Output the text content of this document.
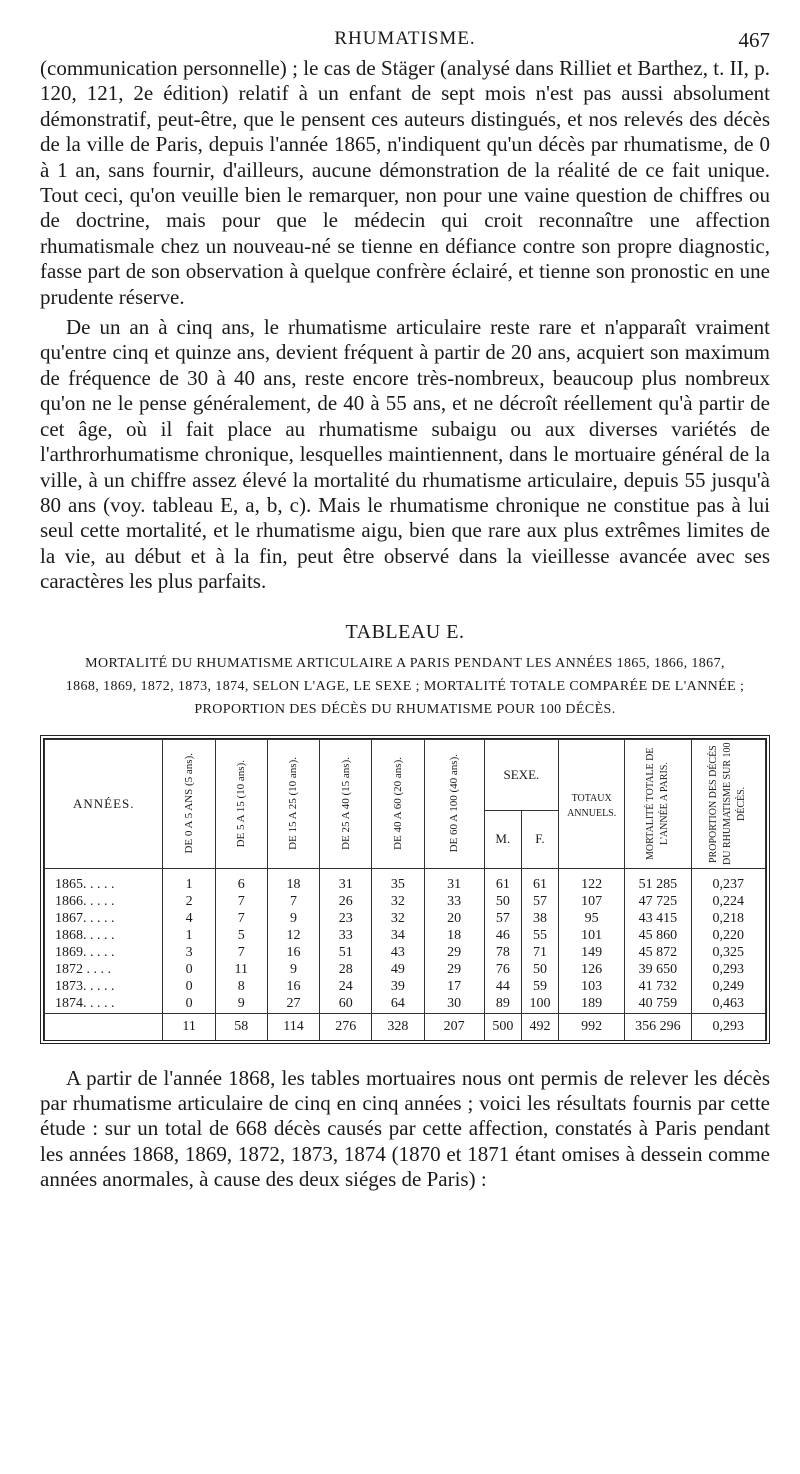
RHUMATISME.	467

(communication personnelle) ; le cas de Stäger (analysé dans Rilliet et Barthez, t. II, p. 120, 121, 2e édition) relatif à un enfant de sept mois n'est pas aussi absolument démonstratif, peut-être, que le pensent ces auteurs distingués, et nos relevés des décès de la ville de Paris, depuis l'année 1865, n'indiquent qu'un décès par rhumatisme, de 0 à 1 an, sans fournir, d'ailleurs, aucune démonstration de la réalité de ce fait unique. Tout ceci, qu'on veuille bien le remarquer, non pour une vaine question de chiffres ou de doctrine, mais pour que le médecin qui croit reconnaître une affection rhumatismale chez un nouveau-né se tienne en défiance contre son propre diagnostic, fasse part de son observation à quelque confrère éclairé, et tienne son pronostic en une prudente réserve.

De un an à cinq ans, le rhumatisme articulaire reste rare et n'apparaît vraiment qu'entre cinq et quinze ans, devient fréquent à partir de 20 ans, acquiert son maximum de fréquence de 30 à 40 ans, reste encore très-nombreux, beaucoup plus nombreux qu'on ne le pense généralement, de 40 à 55 ans, et ne décroît réellement qu'à partir de cet âge, où il fait place au rhumatisme subaigu ou aux diverses variétés de l'arthrorhumatisme chronique, lesquelles maintiennent, dans le mortuaire général de la ville, à un chiffre assez élevé la mortalité du rhumatisme articulaire, depuis 55 jusqu'à 80 ans (voy. tableau E, a, b, c). Mais le rhumatisme chronique ne constitue pas à lui seul cette mortalité, et le rhumatisme aigu, bien que rare aux plus extrêmes limites de la vie, au début et à la fin, peut être observé dans la vieillesse avancée avec ses caractères les plus parfaits.

TABLEAU E.
MORTALITÉ DU RHUMATISME ARTICULAIRE A PARIS PENDANT LES ANNÉES 1865, 1866, 1867,
1868, 1869, 1872, 1873, 1874, SELON L'AGE, LE SEXE ; MORTALITÉ TOTALE COMPARÉE DE L'ANNÉE ;
PROPORTION DES DÉCÈS DU RHUMATISME POUR 100 DÉCÈS.
ANNÉES.	DE 0 A 5 ANS (5 ans).	DE 5 A 15 (10 ans).	DE 15 A 25 (10 ans).	DE 25 A 40 (15 ans).	DE 40 A 60 (20 ans).	DE 60 A 100 (40 ans).	SEXE.		TOTAUX ANNUELS.	MORTALITÉ TOTALE DE L'ANNÉE A PARIS.	PROPORTION DES DÉCÈS DU RHUMATISME SUR 100 DÉCÈS.

							M.	F.			
1865. . . . .	1	6	18	31	35	31	61	61	122	51 285	0,237
1866. . . . .	2	7	7	26	32	33	50	57	107	47 725	0,224
1867. . . . .	4	7	9	23	32	20	57	38	95	43 415	0,218
1868. . . . .	1	5	12	33	34	18	46	55	101	45 860	0,220
1869. . . . .	3	7	16	51	43	29	78	71	149	45 872	0,325
1872 . . . .	0	11	9	28	49	29	76	50	126	39 650	0,293
1873. . . . .	0	8	16	24	39	17	44	59	103	41 732	0,249
1874. . . . .	0	9	27	60	64	30	89	100	189	40 759	0,463
	11	58	114	276	328	207	500	492	992	356 296	0,293

A partir de l'année 1868, les tables mortuaires nous ont permis de relever les décès par rhumatisme articulaire de cinq en cinq années ; voici les résultats fournis par cette étude : sur un total de 668 décès causés par cette affection, constatés à Paris pendant les années 1868, 1869, 1872, 1873, 1874 (1870 et 1871 étant omises à dessein comme années anormales, à cause des deux siéges de Paris) :
